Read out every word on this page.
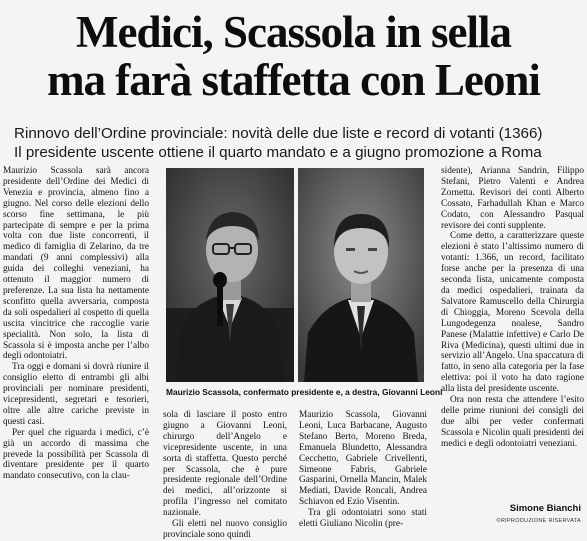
Medici, Scassola in sella
ma farà staffetta con Leoni
Rinnovo dell’Ordine provinciale: novità delle due liste e record di votanti (1366)
Il presidente uscente ottiene il quarto mandato e a giugno promozione a Roma

Maurizio Scassola sarà ancora presidente dell’Ordine dei Medici di Venezia e provincia, almeno fino a giugno. Nel corso delle elezioni dello scorso fine settimana, le più partecipate di sempre e per la prima volta con due liste concorrenti, il medico di famiglia di Zelarino, da tre mandati (9 anni complessivi) alla guida dei colleghi veneziani, ha ottenuto il maggior numero di preferenze. La sua lista ha nettamente sconfitto quella avversaria, composta da soli ospedalieri al cospetto di quella uscita vincitrice che raccoglie varie specialità. Non solo, la lista di Scassola si è imposta anche per l’albo degli odontoiatri.

Tra oggi e domani si dovrà riunire il consiglio eletto di entrambi gli albi provinciali per nominare presidenti, vicepresidenti, segretari e tesorieri, oltre alle altre cariche previste in questi casi.

Per quel che riguarda i medici, c’è già un accordo di massima che prevede la possibilità per Scassola di diventare presidente per il quarto mandato consecutivo, con la clau-

Maurizio Scassola, confermato presidente e, a destra, Giovanni Leoni

sola di lasciare il posto entro giugno a Giovanni Leoni, chirurgo dell’Angelo e vicepresidente uscente, in una sorta di staffetta. Questo perché per Scassola, che è pure presidente regionale dell’Ordine dei medici, all’orizzonte si profila l’ingresso nel comitato nazionale.

Gli eletti nel nuovo consiglio provinciale sono quindi

Maurizio Scassola, Giovanni Leoni, Luca Barbacane, Augusto Stefano Berto, Moreno Breda, Emanuela Blundetto, Alessandra Cecchetto, Gabriele Crivellenti, Simeone Fabris, Gabriele Gasparini, Ornella Mancin, Malek Mediati, Davide Roncali, Andrea Schiavon ed Ezio Visentin.

Tra gli odontoiatri sono stati eletti Giuliano Nicolin (pre-

sidente), Arianna Sandrin, Filippo Stefani, Pietro Valenti e Andrea Zornetta. Revisori dei conti Alberto Cossato, Farhadullah Khan e Marco Codato, con Alessandro Pasqual revisore dei conti supplente.

Come detto, a caratterizzare queste elezioni è stato l’altissimo numero di votanti: 1.366, un record, facilitato forse anche per la presenza di una seconda lista, unicamente composta da medici ospedalieri, trainata da Salvatore Ramuscello della Chirurgia di Chioggia, Moreno Scevola della Lungodegenza noalese, Sandro Panese (Malattie infettive) e Carlo De Riva (Medicina), questi ultimi due in servizio all’Angelo. Una spaccatura di fatto, in seno alla categoria per la fase elettiva: poi il voto ha dato ragione alla lista del presidente uscente.

Ora non resta che attendere l’esito delle prime riunioni dei consigli dei due albi per veder confermati Scassola e Nicolin quali presidenti dei medici e degli odontoiatri veneziani.

Simone Bianchi
©RIPRODUZIONE RISERVATA
